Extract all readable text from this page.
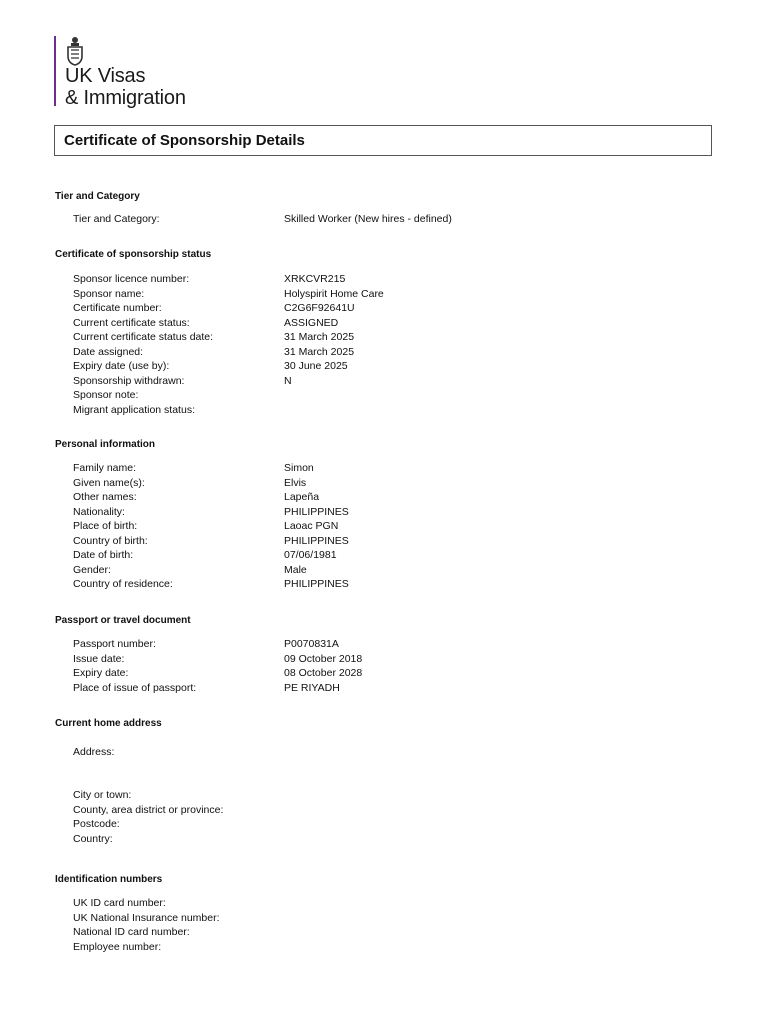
UK Visas
& Immigration
Certificate of Sponsorship Details
Tier and Category
Tier and Category:	Skilled Worker (New hires - defined)
Certificate of sponsorship status
Sponsor licence number:	XRKCVR215
Sponsor name:	Holyspirit Home Care
Certificate number:	C2G6F92641U
Current certificate status:	ASSIGNED
Current certificate status date:	31 March 2025
Date assigned:	31 March 2025
Expiry date (use by):	30 June 2025
Sponsorship withdrawn:	N
Sponsor note:
Migrant application status:
Personal information
Family name:	Simon
Given name(s):	Elvis
Other names:	Lapeña
Nationality:	PHILIPPINES
Place of birth:	Laoac PGN
Country of birth:	PHILIPPINES
Date of birth:	07/06/1981
Gender:	Male
Country of residence:	PHILIPPINES
Passport or travel document
Passport number:	P0070831A
Issue date:	09 October 2018
Expiry date:	08 October 2028
Place of issue of passport:	PE RIYADH
Current home address
Address:
City or town:
County, area district or province:
Postcode:
Country:
Identification numbers
UK ID card number:
UK National Insurance number:
National ID card number:
Employee number:
